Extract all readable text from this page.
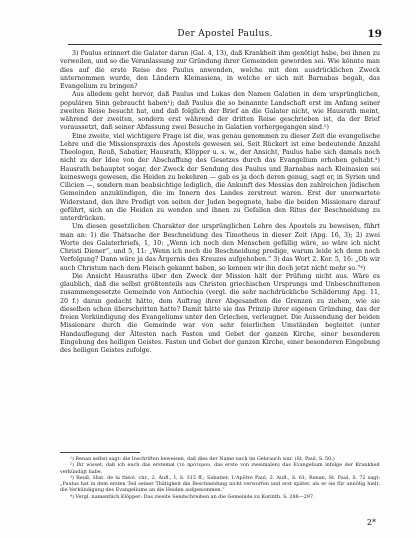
Der Apostel Paulus.	19

3) Paulus erinnert die Galater daran (Gal. 4, 13), daß Krankheit ihm genötigt habe, bei ihnen zu verweilen, und so die Veranlassung zur Gründung ihrer Gemeinden geworden sei. Wie könnte man dies auf die erste Reise des Paulus anwenden, welche mit dem ausdrücklichen Zweck unternommen wurde, den Ländern Kleinasiens, in welche er sich mit Barnabas begab, das Evangelium zu bringen?

Aus alledem geht hervor, daß Paulus und Lukas den Namen Galatien in dem ursprünglichen, populären Sinn gebraucht haben¹); daß Paulus die so benannte Landschaft erst im Anfang seiner zweiten Reise besucht hat, und daß folglich der Brief an die Galater nicht, wie Hausrath meint, während der zweiten, sondern erst während der dritten Reise geschrieben ist, da der Brief voraussetzt, daß seiner Abfassung zwei Besuche in Galatien vorhergegangen sind.²)

Eine zweite, viel wichtigere Frage ist die, was genau genommen zu dieser Zeit die evangelische Lehre und die Missionspraxis des Apostels gewesen sei. Seit Rückert ist eine bedeutende Anzahl Theologen, Reuß, Sabatier, Hausrath, Klöpper u. s. w., der Ansicht, Paulus habe sich damals noch nicht zu der Idee von der Abschaffung des Gesetzes durch das Evangelium erhoben gehabt.³) Hausrath behauptet sogar, der Zweck der Sendung des Paulus und Barnabas nach Kleinasien sei keineswegs gewesen, die Heiden zu bekehren — gab es ja doch deren genug, sagt er, in Syrien und Cilicien —, sondern man beabsichtige lediglich, die Ankunft des Messias den zahlreichen jüdischen Gemeinden anzukündigen, die im Innern des Landes zerstreut waren. Erst der unerwartete Widerstand, den ihre Predigt von seiten der Juden begegnete, habe die beiden Missionare darauf geführt, sich an die Heiden zu wenden und ihnen zu Gefallen den Ritus der Beschneidung zu unterdrücken.

Um diesen gesetzlichen Charakter der ursprünglichen Lehre des Apostels zu beweisen, führt man an: 1) die Thatsache der Beschneidung des Timotheus in dieser Zeit (Apg. 16, 3); 2) zwei Worte des Galaterbriefs, 1, 10: „Wenn ich noch den Menschen gefällig wäre, so wäre ich nicht Christi Diener“, und 5, 11: „Wenn ich noch die Beschneidung predige, warum leide ich denn noch Verfolgung? Dann wäre ja das Ärgernis des Kreuzes aufgehoben.“ 3) das Wort 2. Kor. 5, 16: „Ob wir auch Christum nach dem Fleisch gekannt haben, so kennen wir ihn doch jetzt nicht mehr so.“⁴)

Die Ansicht Hausraths über den Zweck der Mission hält der Prüfung nicht aus. Wäre es glaublich, daß die selbst größtenteils aus Christen griechischen Ursprungs und Unbeschnittenen zusammengesetzte Gemeinde von Antiochia (vergl. die sehr nachdrückliche Schilderung Apg. 11, 20 f.) daran gedacht hätte, dem Auftrag ihrer Abgesandten die Grenzen zu ziehen, wie sie dieselben schon überschritten hatte? Damit hätte sie das Prinzip ihrer eigenen Gründung, das der freien Verkündigung des Evangeliums unter den Griechen, verleugnet. Die Aussendung der beiden Missionare durch die Gemeinde war von sehr feierlichen Umständen begleitet (unter Handauflegung der Ältesten nach Fasten und Gebet der ganzen Kirche, einer besonderen Eingebung des heiligen Geistes. Fasten und Gebet der ganzen Kirche, einer besonderen Eingebung des heiligen Geistes zufolge.

¹) Renan selbst sagt: die Inschriften beweisen, daß dies der Name nach im Gebrauch war. (St. Paul, S. 50.)

²) Ihr wisset, daß ich euch das erstemal (τὸ πρότερον, das erste von zweimalen) das Evangelium infolge der Krankheit verkündigt habe.

³) Reuß, Hist. de la théol. chr., 2. Aufl., I, S. 315 ff.; Sabatier, L'Apôtre Paul, 2. Aufl., S. 61; Renan, St. Paul, S. 72 sagt: „Paulus hat in dem ersten Teil seiner Thätigkeit die Beschneidung nicht verworfen und erst später, als er sie für unnötig hielt, die Verkündigung des Evangeliums an die Heiden aufgenommen.“

⁴) Vergl. namentlich Klöpper: Das zweite Sendschreiben an die Gemeinde zu Korinth, S. 286—297.

2*
